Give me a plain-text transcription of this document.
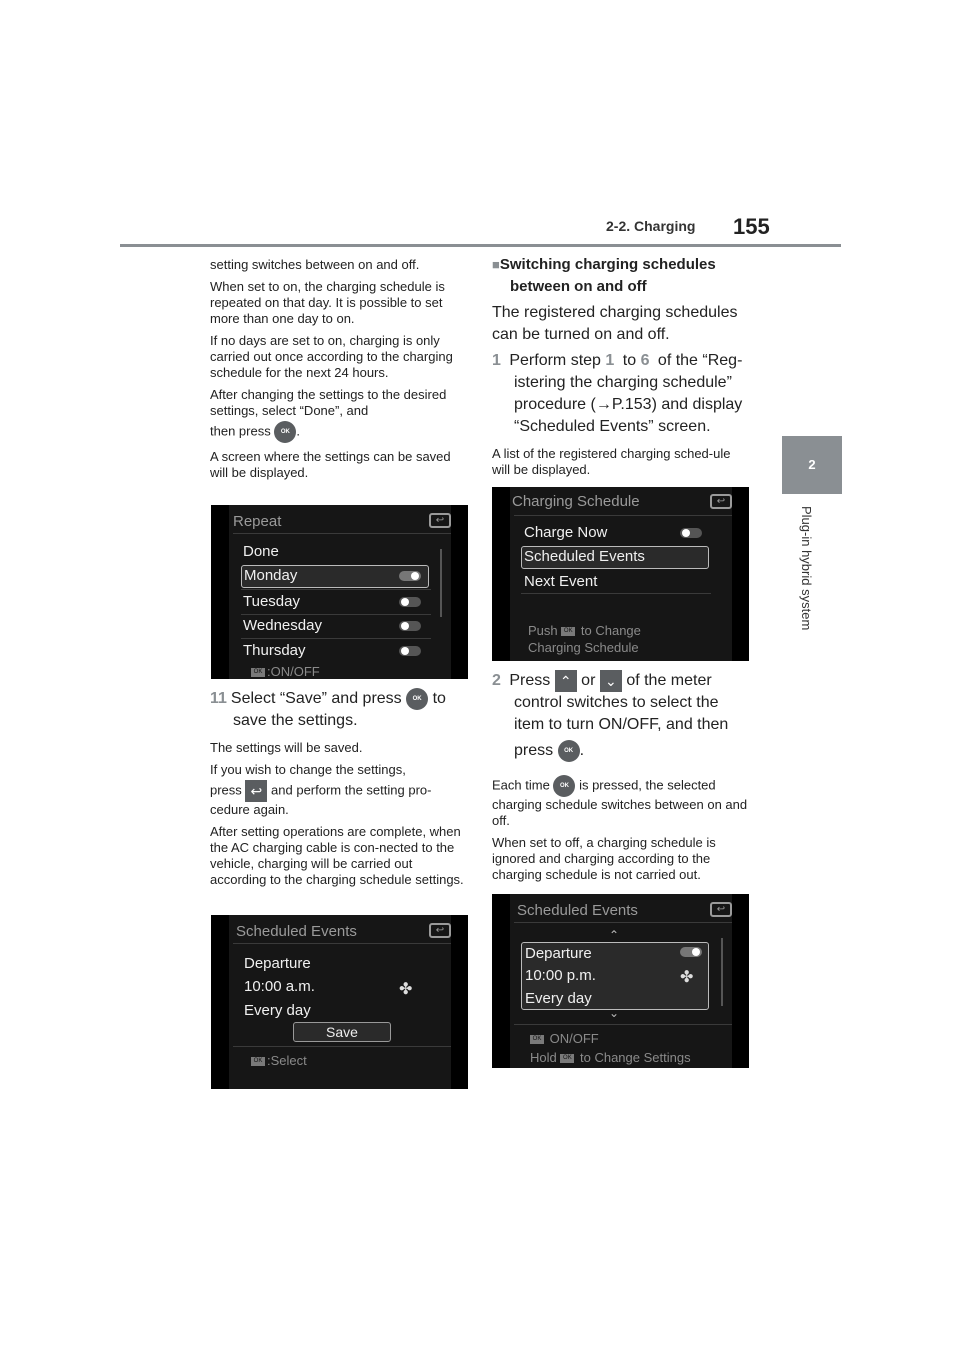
2-2. Charging 155
2
Plug-in hybrid system

setting switches between on and off.

When set to on, the charging schedule is repeated on that day. It is possible to set more than one day to on.

If no days are set to on, charging is only carried out once according to the charging schedule for the next 24 hours.

After changing the settings to the desired settings, select “Done”, and

then press OK .

A screen where the settings can be saved will be displayed.

Repeat	↩
Done
Monday
Tuesday
Wednesday
Thursday
OK :ON/OFF
11 Select “Save” and press OK to
save the settings.

The settings will be saved.

If you wish to change the settings,

press ↩ and perform the setting pro-

cedure again.

After setting operations are complete, when the AC charging cable is con-nected to the vehicle, charging will be carried out according to the charging schedule settings.

Scheduled Events	↩
Departure
10:00 a.m.	✤
Every day
Save
OK :Select
■Switching charging schedules
between on and off
The registered charging schedules
can be turned on and off.
1 Perform step 1 to 6 of the “Reg-
istering the charging schedule”
procedure (→P.153) and display
“Scheduled Events” screen.

A list of the registered charging sched-ule will be displayed.

Charging Schedule	↩
Charge Now
Scheduled Events
Next Event
Push OK to Change
Charging Schedule
2 Press ⌃ or ⌄ of the meter
control switches to select the
item to turn ON/OFF, and then
press OK .

Each time OK is pressed, the selected

charging schedule switches between on and off.

When set to off, a charging schedule is ignored and charging according to the charging schedule is not carried out.

Scheduled Events	↩
⌃
Departure
10:00 p.m.	✤
Every day
⌄
OK ON/OFF
Hold OK to Change Settings
